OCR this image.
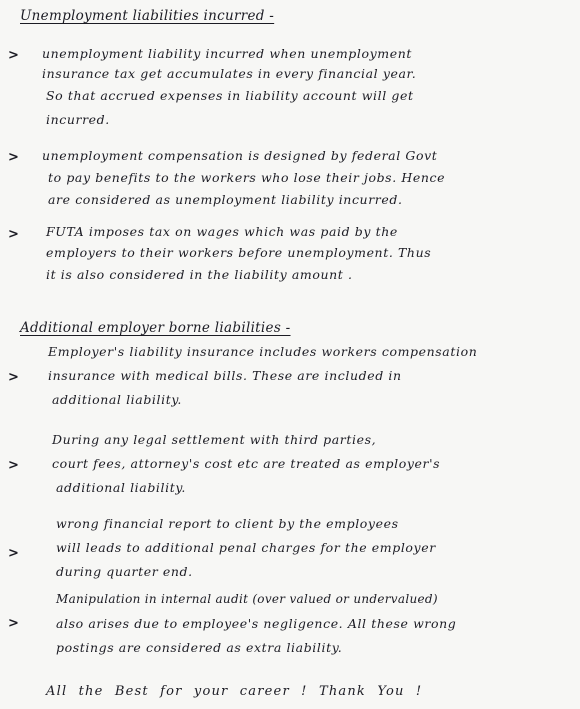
Unemployment liabilities incurred -
> unemployment liability incurred when unemployment
insurance tax get accumulates in every financial year.
So that accrued expenses in liability account will get
incurred.
> unemployment compensation is designed by federal Govt
to pay benefits to the workers who lose their jobs. Hence
are considered as unemployment liability incurred.
> FUTA imposes tax on wages which was paid by the
employers to their workers before unemployment. Thus
it is also considered in the liability amount .
Additional employer borne liabilities -
>
Employer's liability insurance includes workers compensation
insurance with medical bills. These are included in
additional liability.
>
During any legal settlement with third parties,
court fees, attorney's cost etc are treated as employer's
additional liability.
>
wrong financial report to client by the employees
will leads to additional penal charges for the employer
during quarter end.
>
Manipulation in internal audit (over valued or undervalued)
also arises due to employee's negligence. All these wrong
postings are considered as extra liability.
All the Best for your career ! Thank You !
